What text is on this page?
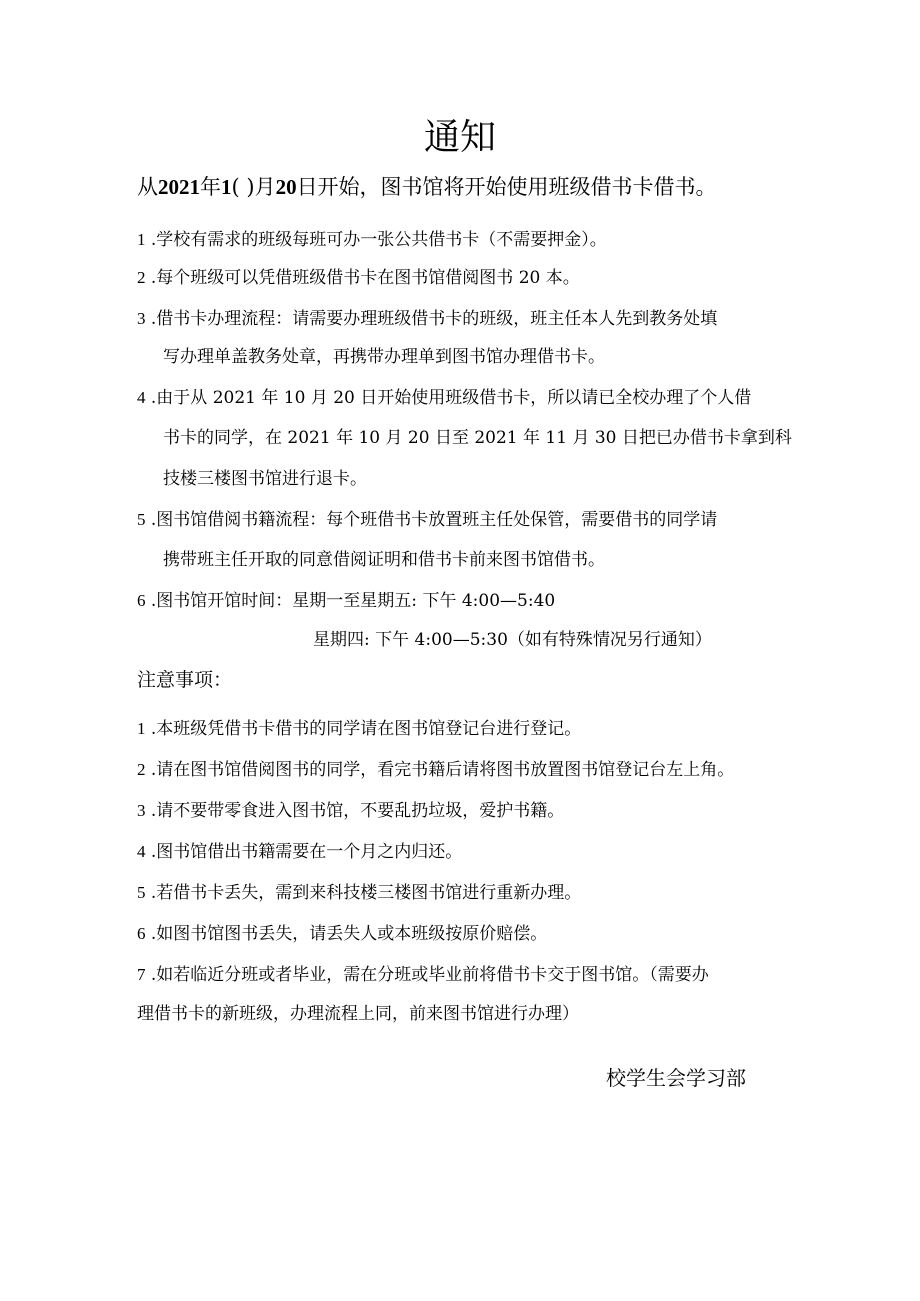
通知
从2021年1( )月20日开始，图书馆将开始使用班级借书卡借书。
1 .学校有需求的班级每班可办一张公共借书卡（不需要押金）。
2 .每个班级可以凭借班级借书卡在图书馆借阅图书 20 本。
3 .借书卡办理流程：请需要办理班级借书卡的班级，班主任本人先到教务处填
写办理单盖教务处章，再携带办理单到图书馆办理借书卡。
4 .由于从 2021 年 10 月 20 日开始使用班级借书卡，所以请已全校办理了个人借
书卡的同学，在 2021 年 10 月 20 日至 2021 年 11 月 30 日把已办借书卡拿到科
技楼三楼图书馆进行退卡。
5 .图书馆借阅书籍流程：每个班借书卡放置班主任处保管，需要借书的同学请
携带班主任开取的同意借阅证明和借书卡前来图书馆借书。
6 .图书馆开馆时间：星期一至星期五: 下午 4:00—5:40
星期四: 下午 4:00—5:30（如有特殊情况另行通知）
注意事项：
1 .本班级凭借书卡借书的同学请在图书馆登记台进行登记。
2 .请在图书馆借阅图书的同学，看完书籍后请将图书放置图书馆登记台左上角。
3 .请不要带零食进入图书馆，不要乱扔垃圾，爱护书籍。
4 .图书馆借出书籍需要在一个月之内归还。
5 .若借书卡丢失，需到来科技楼三楼图书馆进行重新办理。
6 .如图书馆图书丢失，请丢失人或本班级按原价赔偿。
7 .如若临近分班或者毕业，需在分班或毕业前将借书卡交于图书馆。（需要办
理借书卡的新班级，办理流程上同，前来图书馆进行办理）
校学生会学习部
